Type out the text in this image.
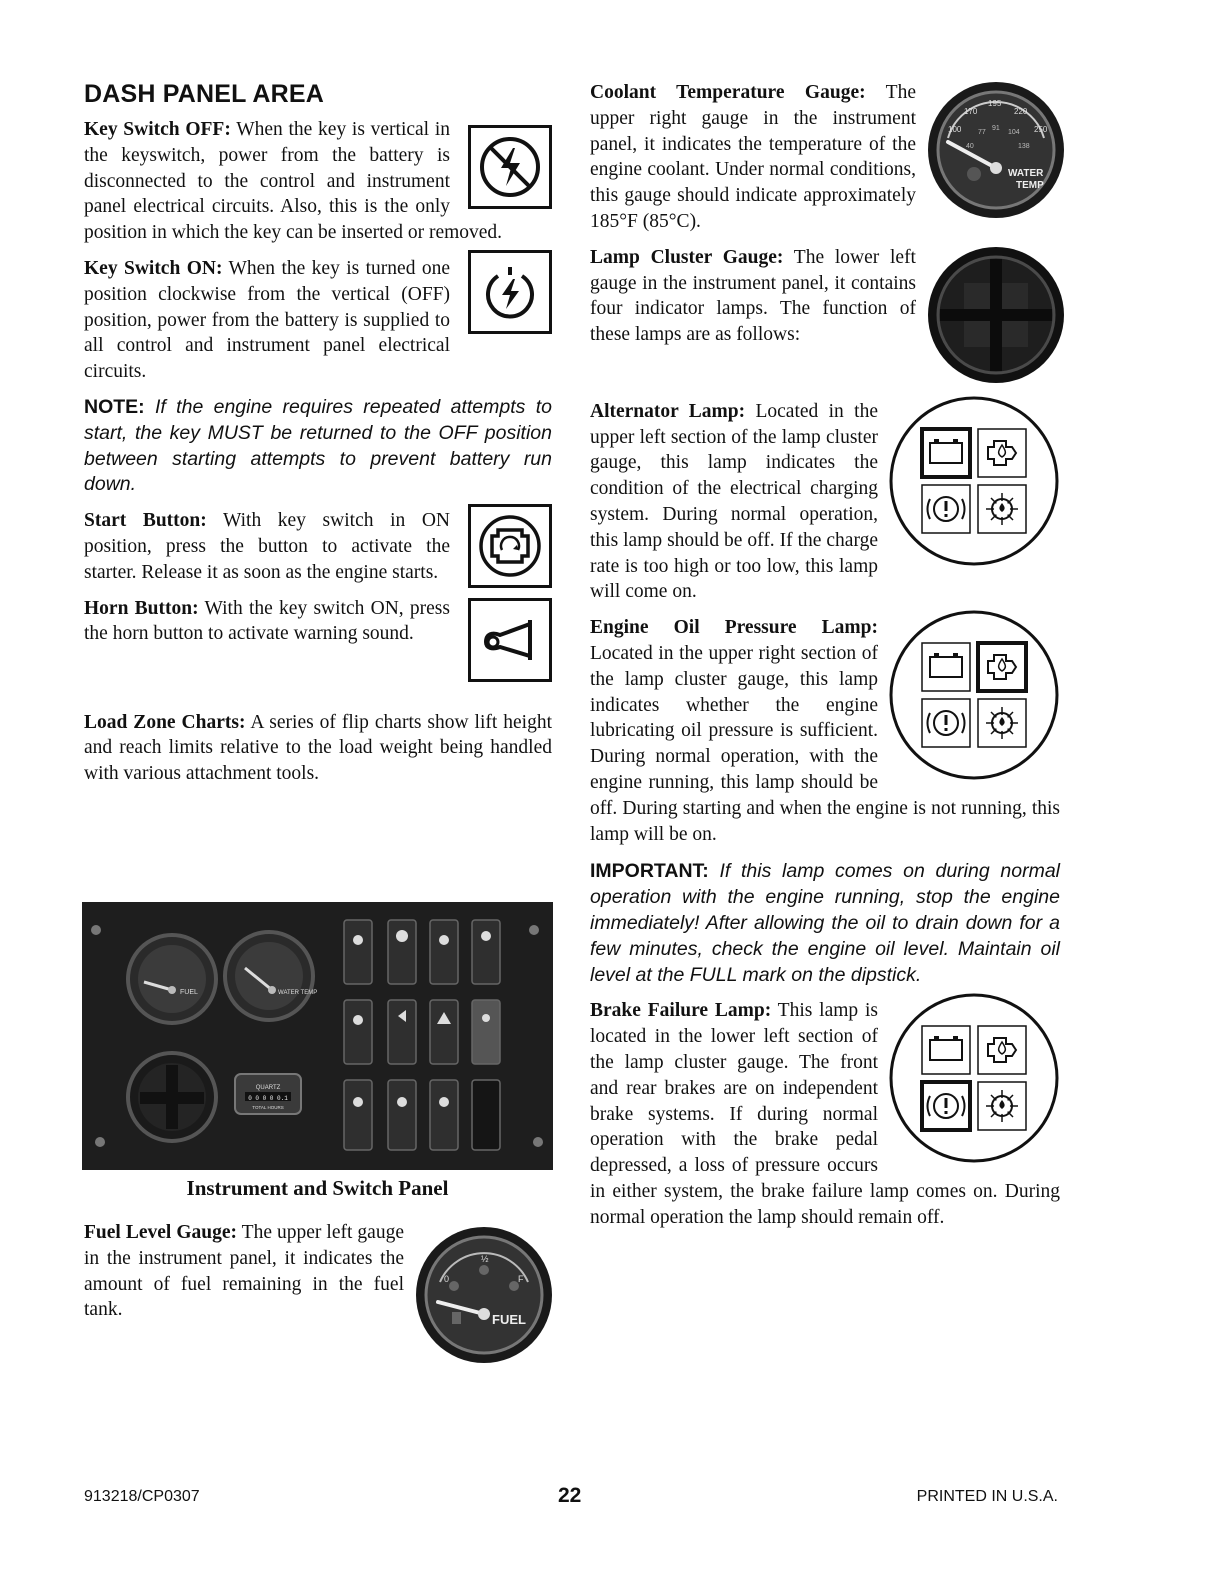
DASH PANEL AREA

Key Switch OFF: When the key is vertical in the keyswitch, power from the battery is disconnected to the control and instrument panel electrical circuits. Also, this is the only position in which the key can be inserted or removed.

Key Switch ON: When the key is turned one position clockwise from the vertical (OFF) position, power from the battery is supplied to all control and instrument panel electrical circuits.

NOTE: If the engine requires repeated attempts to start, the key MUST be returned to the OFF position between starting attempts to prevent battery run down.

Start Button: With key switch in ON position, press the button to activate the starter. Release it as soon as the engine starts.

Horn Button: With the key switch ON, press the horn button to activate warning sound.

Load Zone Charts: A series of flip charts show lift height and reach limits relative to the load weight being handled with various attachment tools.

FUEL	WATER TEMP
QUARTZ
0 0 0 0 0.1
TOTAL HOURS
Instrument and Switch Panel
0
½
F
FUEL

Fuel Level Gauge: The upper left gauge in the instrument panel, it indicates the amount of fuel remaining in the fuel tank.

100
170
195
220
250
40
77
91
104
138
WATER
TEMP

Coolant Temperature Gauge: The upper right gauge in the instrument panel, it indicates the temperature of the engine coolant. Under normal conditions, this gauge should indicate approximately 185°F (85°C).

Lamp Cluster Gauge: The lower left gauge in the instrument panel, it contains four indicator lamps. The function of these lamps are as follows:

Alternator Lamp: Located in the upper left section of the lamp cluster gauge, this lamp indicates the condition of the electrical charging system. During normal operation, this lamp should be off. If the charge rate is too high or too low, this lamp will come on.

Engine Oil Pressure Lamp: Located in the upper right section of the lamp cluster gauge, this lamp indicates whether the engine lubricating oil pressure is sufficient. During normal operation, with the engine running, this lamp should be off. During starting and when the engine is not running, this lamp will be on.

IMPORTANT: If this lamp comes on during normal operation with the engine running, stop the engine immediately! After allowing the oil to drain down for a few minutes, check the engine oil level. Maintain oil level at the FULL mark on the dipstick.

Brake Failure Lamp: This lamp is located in the lower left section of the lamp cluster gauge. The front and rear brakes are on independent brake systems. If during normal operation with the brake pedal depressed, a loss of pressure occurs in either system, the brake failure lamp comes on. During normal operation the lamp should remain off.

913218/CP0307	22	PRINTED IN U.S.A.
